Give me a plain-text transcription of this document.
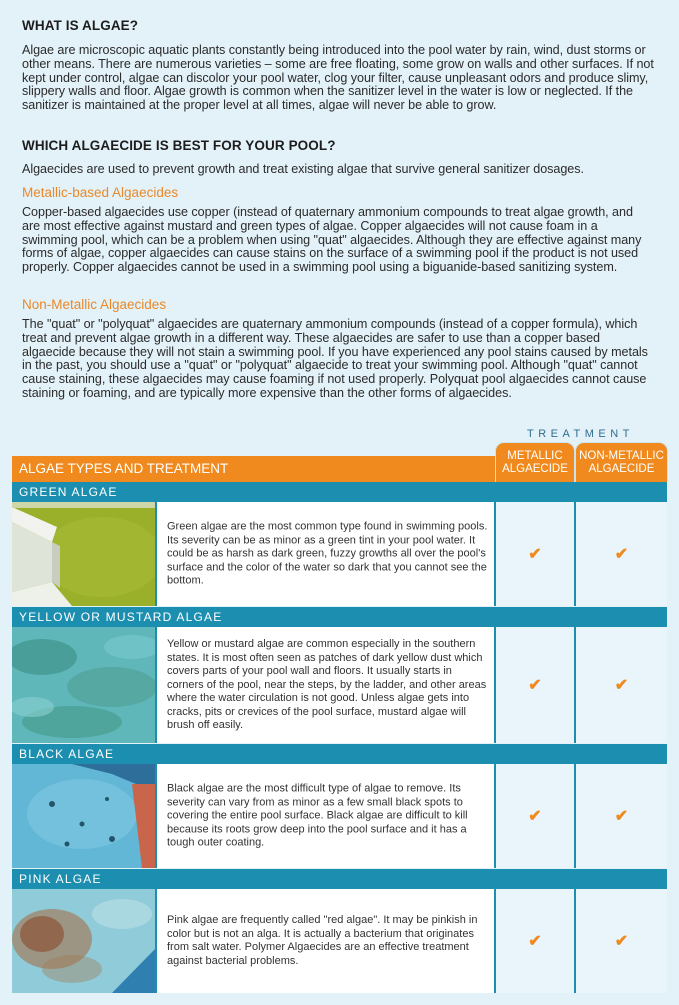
WHAT IS ALGAE?

Algae are microscopic aquatic plants constantly being introduced into the pool water by rain, wind, dust storms or other means. There are numerous varieties – some are free floating, some grow on walls and other surfaces. If not kept under control, algae can discolor your pool water, clog your filter, cause unpleasant odors and produce slimy, slippery walls and floor. Algae growth is common when the sanitizer level in the water is low or neglected. If the sanitizer is maintained at the proper level at all times, algae will never be able to grow.

WHICH ALGAECIDE IS BEST FOR YOUR POOL?

Algaecides are used to prevent growth and treat existing algae that survive general sanitizer dosages.

Metallic-based Algaecides

Copper-based algaecides use copper (instead of quaternary ammonium compounds to treat algae growth, and are most effective against mustard and green types of algae. Copper algaecides will not cause foam in a swimming pool, which can be a problem when using "quat" algaecides. Although they are effective against many forms of algae, copper algaecides can cause stains on the surface of a swimming pool if the product is not used properly. Copper algaecides cannot be used in a swimming pool using a biguanide-based sanitizing system.

Non-Metallic Algaecides

The "quat" or "polyquat" algaecides are quaternary ammonium compounds (instead of a copper formula), which treat and prevent algae growth in a different way. These algaecides are safer to use than a copper based algaecide because they will not stain a swimming pool. If you have experienced any pool stains caused by metals in the past, you should use a "quat" or "polyquat" algaecide to treat your swimming pool. Although "quat" cannot cause staining, these algaecides may cause foaming if not used properly. Polyquat pool algaecides cannot cause staining or foaming, and are typically more expensive than the other forms of algaecides.

TREATMENT
METALLIC ALGAECIDE
NON-METALLIC ALGAECIDE
ALGAE TYPES AND TREATMENT
GREEN ALGAE
Green algae are the most common type found in swimming pools. Its severity can be as minor as a green tint in your pool water. It could be as harsh as dark green, fuzzy growths all over the pool's surface and the color of the water so dark that you cannot see the bottom.
✔	✔
YELLOW OR MUSTARD ALGAE
Yellow or mustard algae are common especially in the southern states. It is most often seen as patches of dark yellow dust which covers parts of your pool wall and floors. It usually starts in corners of the pool, near the steps, by the ladder, and other areas where the water circulation is not good. Unless algae gets into cracks, pits or crevices of the pool surface, mustard algae will brush off easily.
✔	✔
BLACK ALGAE
Black algae are the most difficult type of algae to remove. Its severity can vary from as minor as a few small black spots to covering the entire pool surface. Black algae are difficult to kill because its roots grow deep into the pool surface and it has a tough outer coating.
✔	✔
PINK ALGAE
Pink algae are frequently called "red algae". It may be pinkish in color but is not an alga. It is actually a bacterium that originates from salt water. Polymer Algaecides are an effective treatment against bacterial problems.
✔	✔
